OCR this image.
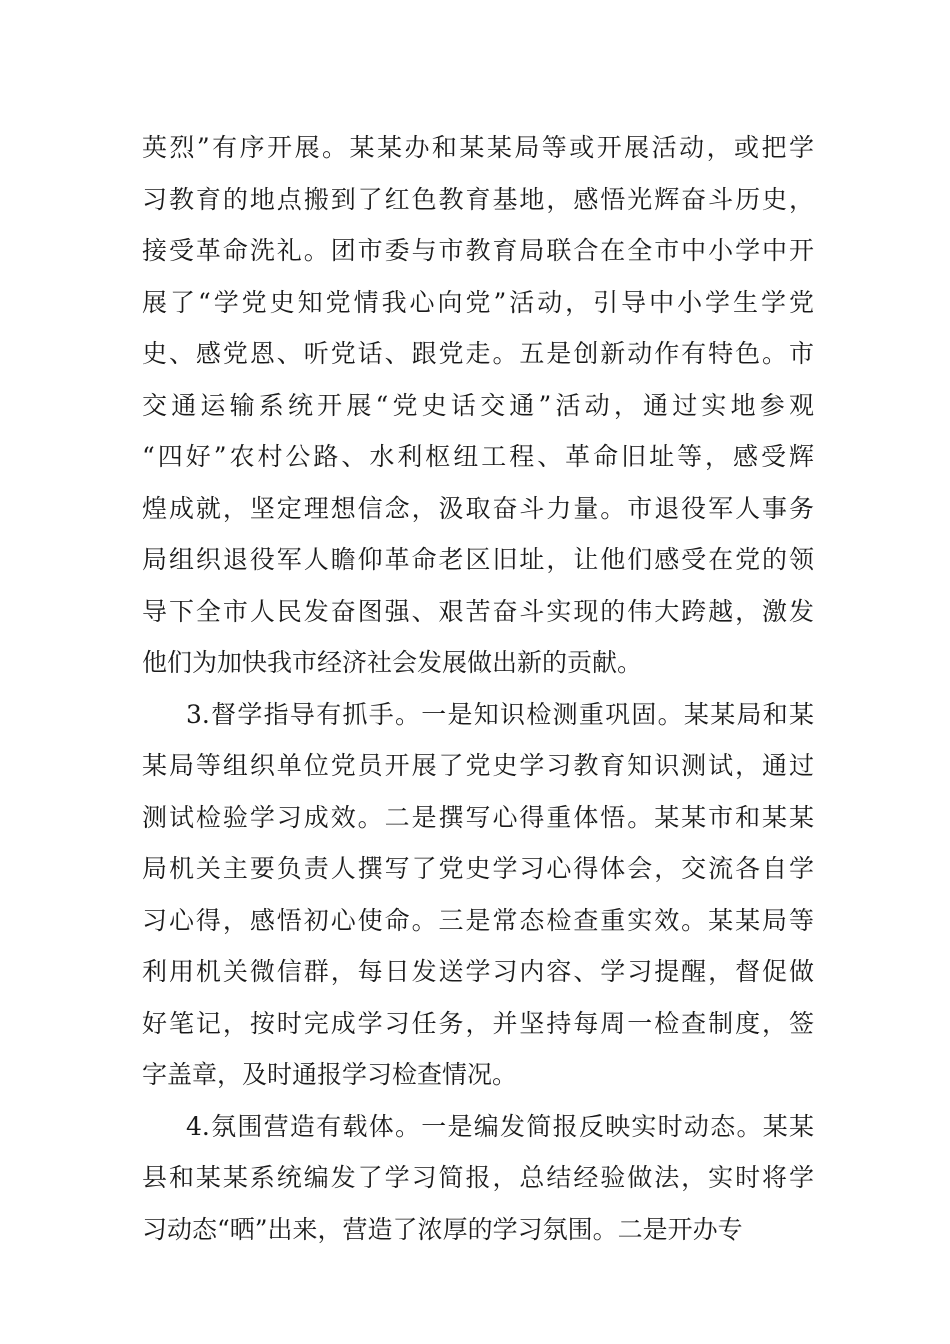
英烈”有序开展。某某办和某某局等或开展活动，或把学
习教育的地点搬到了红色教育基地，感悟光辉奋斗历史，
接受革命洗礼。团市委与市教育局联合在全市中小学中开
展了“学党史知党情我心向党”活动，引导中小学生学党
史、感党恩、听党话、跟党走。五是创新动作有特色。市
交通运输系统开展“党史话交通”活动，通过实地参观
“四好”农村公路、水利枢纽工程、革命旧址等，感受辉
煌成就，坚定理想信念，汲取奋斗力量。市退役军人事务
局组织退役军人瞻仰革命老区旧址，让他们感受在党的领
导下全市人民发奋图强、艰苦奋斗实现的伟大跨越，激发
他们为加快我市经济社会发展做出新的贡献。
3.督学指导有抓手。一是知识检测重巩固。某某局和某
某局等组织单位党员开展了党史学习教育知识测试，通过
测试检验学习成效。二是撰写心得重体悟。某某市和某某
局机关主要负责人撰写了党史学习心得体会，交流各自学
习心得，感悟初心使命。三是常态检查重实效。某某局等
利用机关微信群，每日发送学习内容、学习提醒，督促做
好笔记，按时完成学习任务，并坚持每周一检查制度，签
字盖章，及时通报学习检查情况。
4.氛围营造有载体。一是编发简报反映实时动态。某某
县和某某系统编发了学习简报，总结经验做法，实时将学
习动态“晒”出来，营造了浓厚的学习氛围。二是开办专
